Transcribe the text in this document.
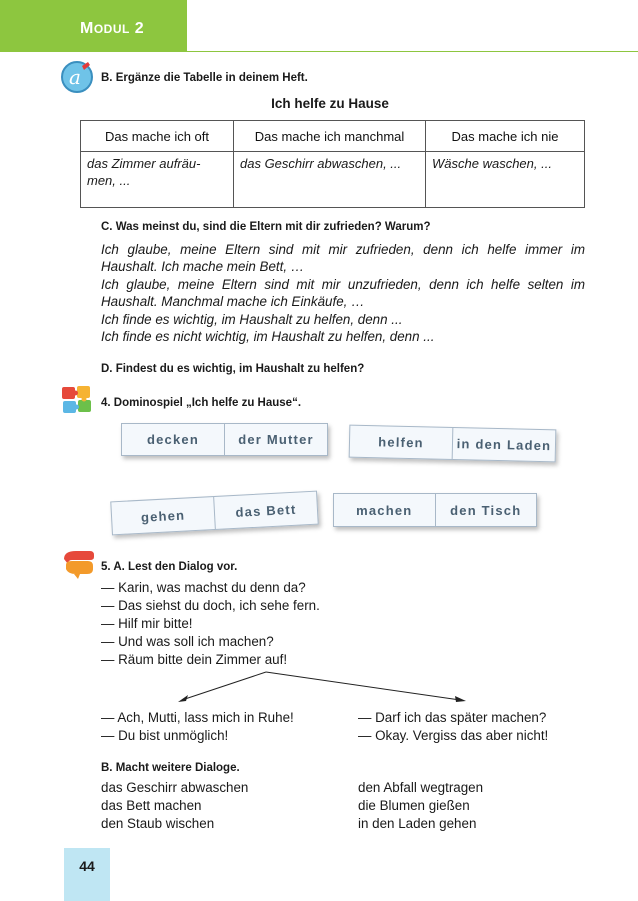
MODUL 2
a B. Ergänze die Tabelle in deinem Heft.
Ich helfe zu Hause
Das mache ich oft	Das mache ich manchmal	Das mache ich nie
das Zimmer aufräu-
men, ...	das Geschirr abwaschen, ...	Wäsche waschen, ...
C. Was meinst du, sind die Eltern mit dir zufrieden? Warum?
Ich glaube, meine Eltern sind mit mir zufrieden, denn ich helfe immer im
Haushalt. Ich mache mein Bett, …
Ich glaube, meine Eltern sind mit mir unzufrieden, denn ich helfe selten im
Haushalt. Manchmal mache ich Einkäufe, …
Ich finde es wichtig, im Haushalt zu helfen, denn ...
Ich finde es nicht wichtig, im Haushalt zu helfen, denn ...
D. Findest du es wichtig, im Haushalt zu helfen?
4. Dominospiel „Ich helfe zu Hause“.
decken	der Mutter	helfen	in den Laden
gehen	das Bett	machen	den Tisch
5. A. Lest den Dialog vor.
— Karin, was machst du denn da?
— Das siehst du doch, ich sehe fern.
— Hilf mir bitte!
— Und was soll ich machen?
— Räum bitte dein Zimmer auf!
— Ach, Mutti, lass mich in Ruhe!
— Du bist unmöglich!
— Darf ich das später machen?
— Okay. Vergiss das aber nicht!
B. Macht weitere Dialoge.
das Geschirr abwaschen
das Bett machen
den Staub wischen
den Abfall wegtragen
die Blumen gießen
in den Laden gehen
44
